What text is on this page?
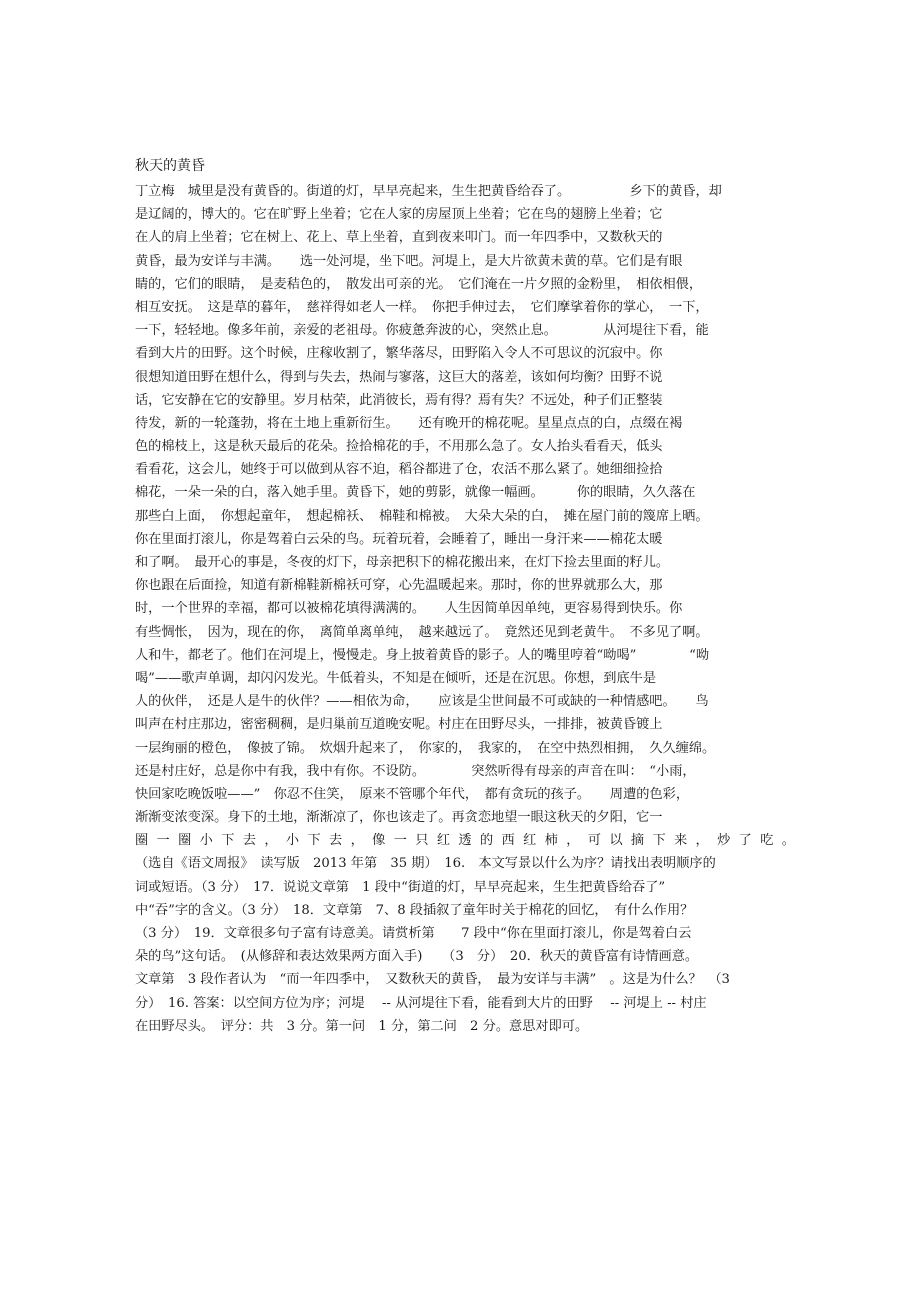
秋天的黄昏
丁立梅　城里是没有黄昏的。街道的灯，早早亮起来，生生把黄昏给吞了。　　　　　乡下的黄昏，却
是辽阔的，博大的。它在旷野上坐着；它在人家的房屋顶上坐着；它在鸟的翅膀上坐着；它
在人的肩上坐着；它在树上、花上、草上坐着，直到夜来叩门。而一年四季中，又数秋天的
黄昏，最为安详与丰满。　　选一处河堤，坐下吧。河堤上，是大片欲黄未黄的草。它们是有眼
睛的，它们的眼睛，　是麦秸色的，　散发出可亲的光。　它们淹在一片夕照的金粉里，　相依相偎，
相互安抚。　这是草的暮年，　慈祥得如老人一样。　你把手伸过去，　它们摩挲着你的掌心，　一下，
一下，轻轻地。像多年前，亲爱的老祖母。你疲惫奔波的心，突然止息。　　　　从河堤往下看，能
看到大片的田野。这个时候，庄稼收割了，繁华落尽，田野陷入令人不可思议的沉寂中。你
很想知道田野在想什么，得到与失去，热闹与寥落，这巨大的落差，该如何均衡？田野不说
话，它安静在它的安静里。岁月枯荣，此消彼长，焉有得？焉有失？不远处，种子们正整装
待发，新的一轮蓬勃，将在土地上重新衍生。　　还有晚开的棉花呢。星星点点的白，点缀在褐
色的棉枝上，这是秋天最后的花朵。捡拾棉花的手，不用那么急了。女人抬头看看天，低头
看看花，这会儿，她终于可以做到从容不迫，稻谷都进了仓，农活不那么紧了。她细细捡拾
棉花，一朵一朵的白，落入她手里。黄昏下，她的剪影，就像一幅画。　　　你的眼睛，久久落在
那些白上面，　你想起童年，　想起棉袄、　棉鞋和棉被。　大朵大朵的白，　摊在屋门前的篾席上晒。
你在里面打滚儿，你是驾着白云朵的鸟。玩着玩着，会睡着了，睡出一身汗来——棉花太暖
和了啊。　最开心的事是，冬夜的灯下，母亲把积下的棉花搬出来，在灯下捡去里面的籽儿。
你也跟在后面捡，知道有新棉鞋新棉袄可穿，心先温暖起来。那时，你的世界就那么大，那
时，一个世界的幸福，都可以被棉花填得满满的。　　人生因简单因单纯，更容易得到快乐。你
有些惆怅，　因为，现在的你，　离简单离单纯，　越来越远了。　竟然还见到老黄牛。　不多见了啊。
人和牛，都老了。他们在河堤上，慢慢走。身上披着黄昏的影子。人的嘴里哼着“呦喝”　　　　“呦
喝”——歌声单调，却闪闪发光。牛低着头，不知是在倾听，还是在沉思。你想，到底牛是
人的伙伴，　还是人是牛的伙伴？——相依为命，　　应该是尘世间最不可或缺的一种情感吧。　　鸟
叫声在村庄那边，密密稠稠，是归巢前互道晚安呢。村庄在田野尽头，一排排，被黄昏镀上
一层绚丽的橙色，　像披了锦。　炊烟升起来了，　你家的，　我家的，　在空中热烈相拥，　久久缠绵。
还是村庄好，总是你中有我，我中有你。不设防。　　　　突然听得有母亲的声音在叫：　“小雨，
快回家吃晚饭啦——”　你忍不住笑，　原来不管哪个年代，　都有贪玩的孩子。　　周遭的色彩，
渐渐变浓变深。身下的土地，渐渐凉了，你也该走了。再贪恋地望一眼这秋天的夕阳，它一
圈 一 圈 小 下 去 ， 小 下 去 ， 像 一 只 红 透 的 西 红 柿 ， 可 以 摘 下 来 ， 炒 了 吃 。
（选自《语文周报》　读写版　2013 年第　35 期）　16.　本文写景以什么为序？请找出表明顺序的
词或短语。（3 分）　17．说说文章第　1 段中“街道的灯，早早亮起来，生生把黄昏给吞了”
中“吞”字的含义。（3 分）　18．文章第　7、8 段插叙了童年时关于棉花的回忆，　有什么作用？
（3 分）　19．文章很多句子富有诗意美。请赏析第　　7 段中“你在里面打滚儿，你是驾着白云
朵的鸟”这句话。　(从修辞和表达效果两方面入手)　　（3　分）　20．秋天的黄昏富有诗情画意。
文章第　3 段作者认为　“而一年四季中，　又数秋天的黄昏，　最为安详与丰满”　。这是为什么？　（3
分）　16. 答案：以空间方位为序；河堤　 -- 从河堤往下看，能看到大片的田野　 -- 河堤上 -- 村庄
在田野尽头。　评分：共　3 分。第一问　1 分，第二问　2 分。意思对即可。
